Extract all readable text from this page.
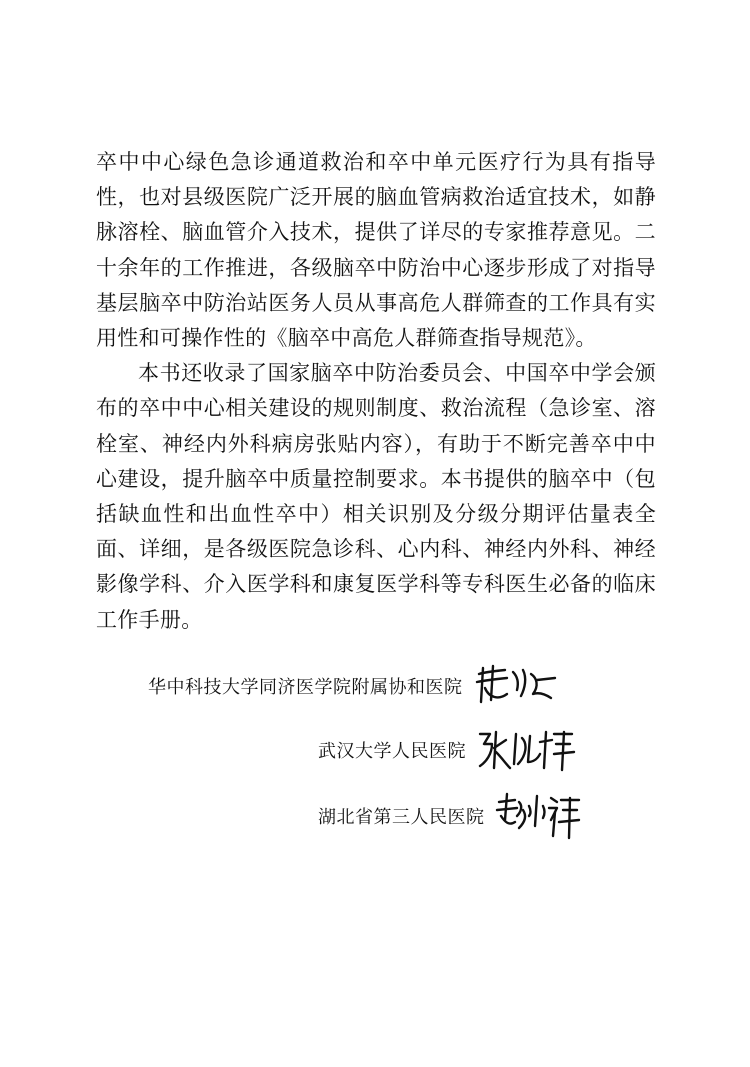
卒中中心绿色急诊通道救治和卒中单元医疗行为具有指导性，也对县级医院广泛开展的脑血管病救治适宜技术，如静脉溶栓、脑血管介入技术，提供了详尽的专家推荐意见。二十余年的工作推进，各级脑卒中防治中心逐步形成了对指导基层脑卒中防治站医务人员从事高危人群筛查的工作具有实用性和可操作性的《脑卒中高危人群筛查指导规范》。

本书还收录了国家脑卒中防治委员会、中国卒中学会颁布的卒中中心相关建设的规则制度、救治流程（急诊室、溶栓室、神经内外科病房张贴内容），有助于不断完善卒中中心建设，提升脑卒中质量控制要求。本书提供的脑卒中（包括缺血性和出血性卒中）相关识别及分级分期评估量表全面、详细，是各级医院急诊科、心内科、神经内外科、神经影像学科、介入医学科和康复医学科等专科医生必备的临床工作手册。

华中科技大学同济医学院附属协和医院
武汉大学人民医院
湖北省第三人民医院
